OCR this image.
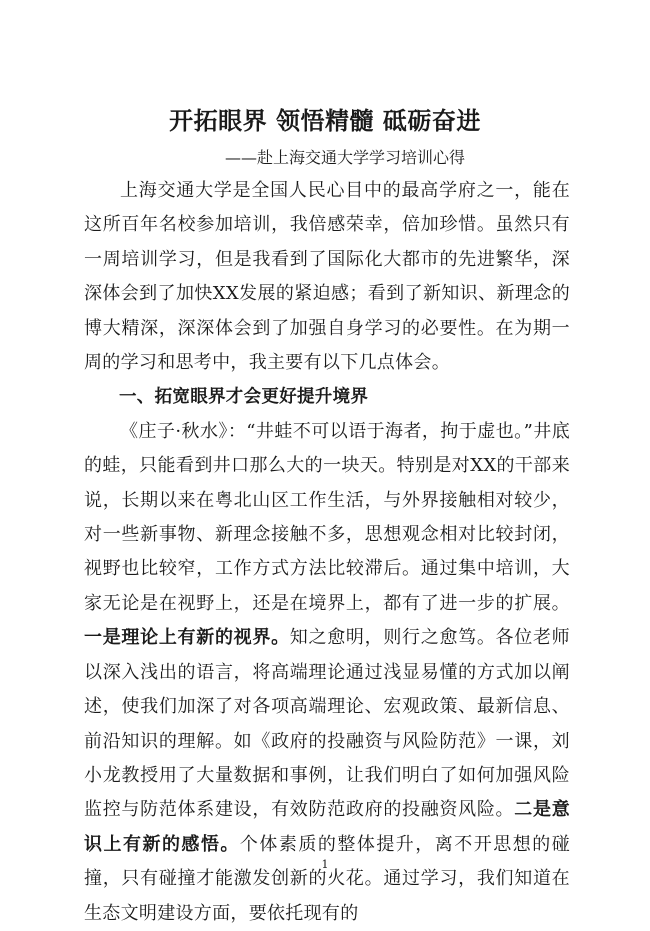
开拓眼界 领悟精髓 砥砺奋进
——赴上海交通大学学习培训心得

上海交通大学是全国人民心目中的最高学府之一，能在这所百年名校参加培训，我倍感荣幸，倍加珍惜。虽然只有一周培训学习，但是我看到了国际化大都市的先进繁华，深深体会到了加快XX发展的紧迫感；看到了新知识、新理念的博大精深，深深体会到了加强自身学习的必要性。在为期一周的学习和思考中，我主要有以下几点体会。

一、拓宽眼界才会更好提升境界

《庄子·秋水》：“井蛙不可以语于海者，拘于虚也。”井底的蛙，只能看到井口那么大的一块天。特别是对XX的干部来说，长期以来在粤北山区工作生活，与外界接触相对较少，对一些新事物、新理念接触不多，思想观念相对比较封闭，视野也比较窄，工作方式方法比较滞后。通过集中培训，大家无论是在视野上，还是在境界上，都有了进一步的扩展。一是理论上有新的视界。知之愈明，则行之愈笃。各位老师以深入浅出的语言，将高端理论通过浅显易懂的方式加以阐述，使我们加深了对各项高端理论、宏观政策、最新信息、前沿知识的理解。如《政府的投融资与风险防范》一课，刘小龙教授用了大量数据和事例，让我们明白了如何加强风险监控与防范体系建设，有效防范政府的投融资风险。二是意识上有新的感悟。个体素质的整体提升，离不开思想的碰撞，只有碰撞才能激发创新的火花。通过学习，我们知道在生态文明建设方面，要依托现有的

1
